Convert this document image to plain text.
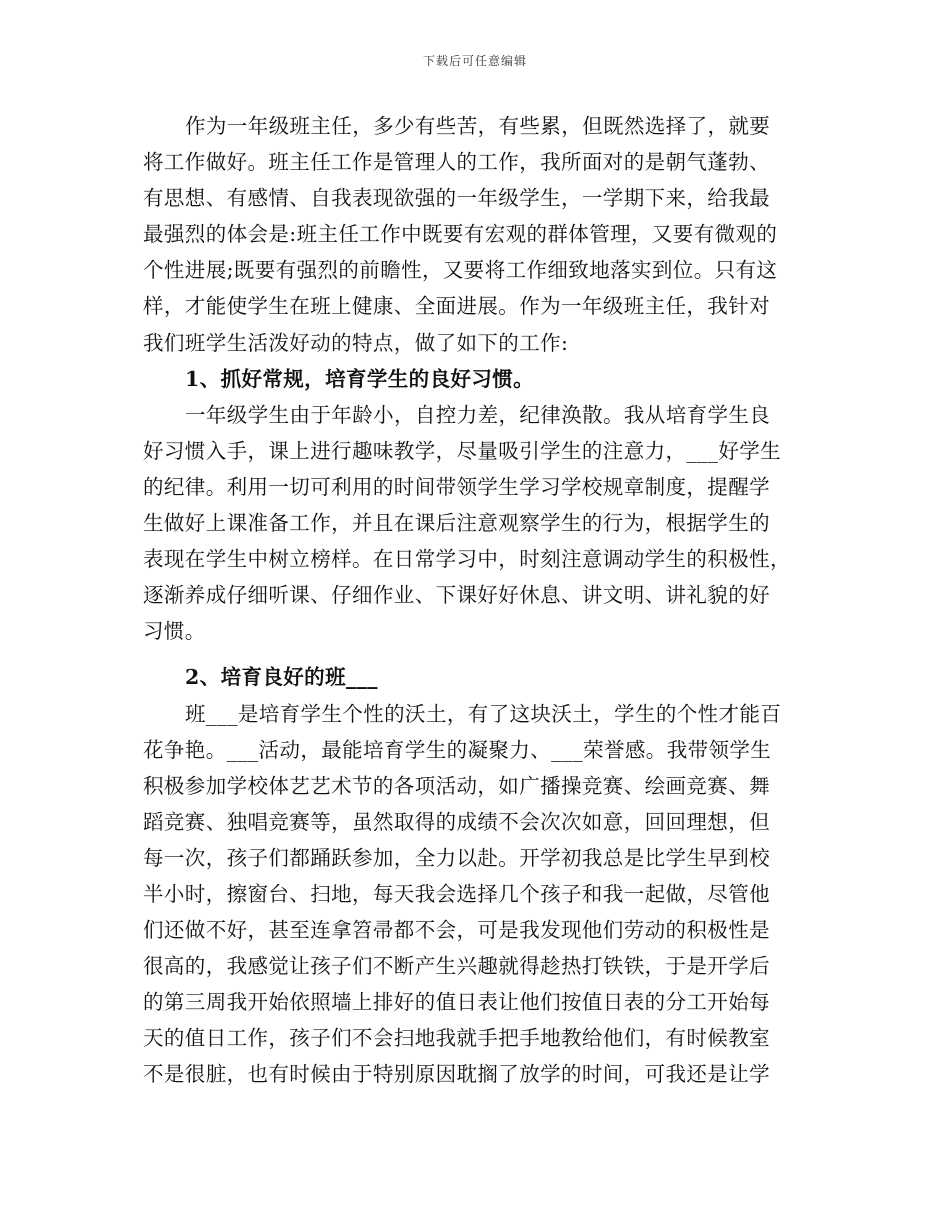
下载后可任意编辑
作为一年级班主任，多少有些苦，有些累，但既然选择了，就要
将工作做好。班主任工作是管理人的工作，我所面对的是朝气蓬勃、
有思想、有感情、自我表现欲强的一年级学生，一学期下来，给我最
最强烈的体会是:班主任工作中既要有宏观的群体管理，又要有微观的
个性进展;既要有强烈的前瞻性，又要将工作细致地落实到位。只有这
样，才能使学生在班上健康、全面进展。作为一年级班主任，我针对
我们班学生活泼好动的特点，做了如下的工作:
1、抓好常规，培育学生的良好习惯。
一年级学生由于年龄小，自控力差，纪律涣散。我从培育学生良
好习惯入手，课上进行趣味教学，尽量吸引学生的注意力，___好学生
的纪律。利用一切可利用的时间带领学生学习学校规章制度，提醒学
生做好上课准备工作，并且在课后注意观察学生的行为，根据学生的
表现在学生中树立榜样。在日常学习中，时刻注意调动学生的积极性，
逐渐养成仔细听课、仔细作业、下课好好休息、讲文明、讲礼貌的好
习惯。
2、培育良好的班___
班___是培育学生个性的沃土，有了这块沃土，学生的个性才能百
花争艳。___活动，最能培育学生的凝聚力、___荣誉感。我带领学生
积极参加学校体艺艺术节的各项活动，如广播操竞赛、绘画竞赛、舞
蹈竞赛、独唱竞赛等，虽然取得的成绩不会次次如意，回回理想，但
每一次，孩子们都踊跃参加，全力以赴。开学初我总是比学生早到校
半小时，擦窗台、扫地，每天我会选择几个孩子和我一起做，尽管他
们还做不好，甚至连拿笤帚都不会，可是我发现他们劳动的积极性是
很高的，我感觉让孩子们不断产生兴趣就得趁热打铁铁，于是开学后
的第三周我开始依照墙上排好的值日表让他们按值日表的分工开始每
天的值日工作，孩子们不会扫地我就手把手地教给他们，有时候教室
不是很脏，也有时候由于特别原因耽搁了放学的时间，可我还是让学
